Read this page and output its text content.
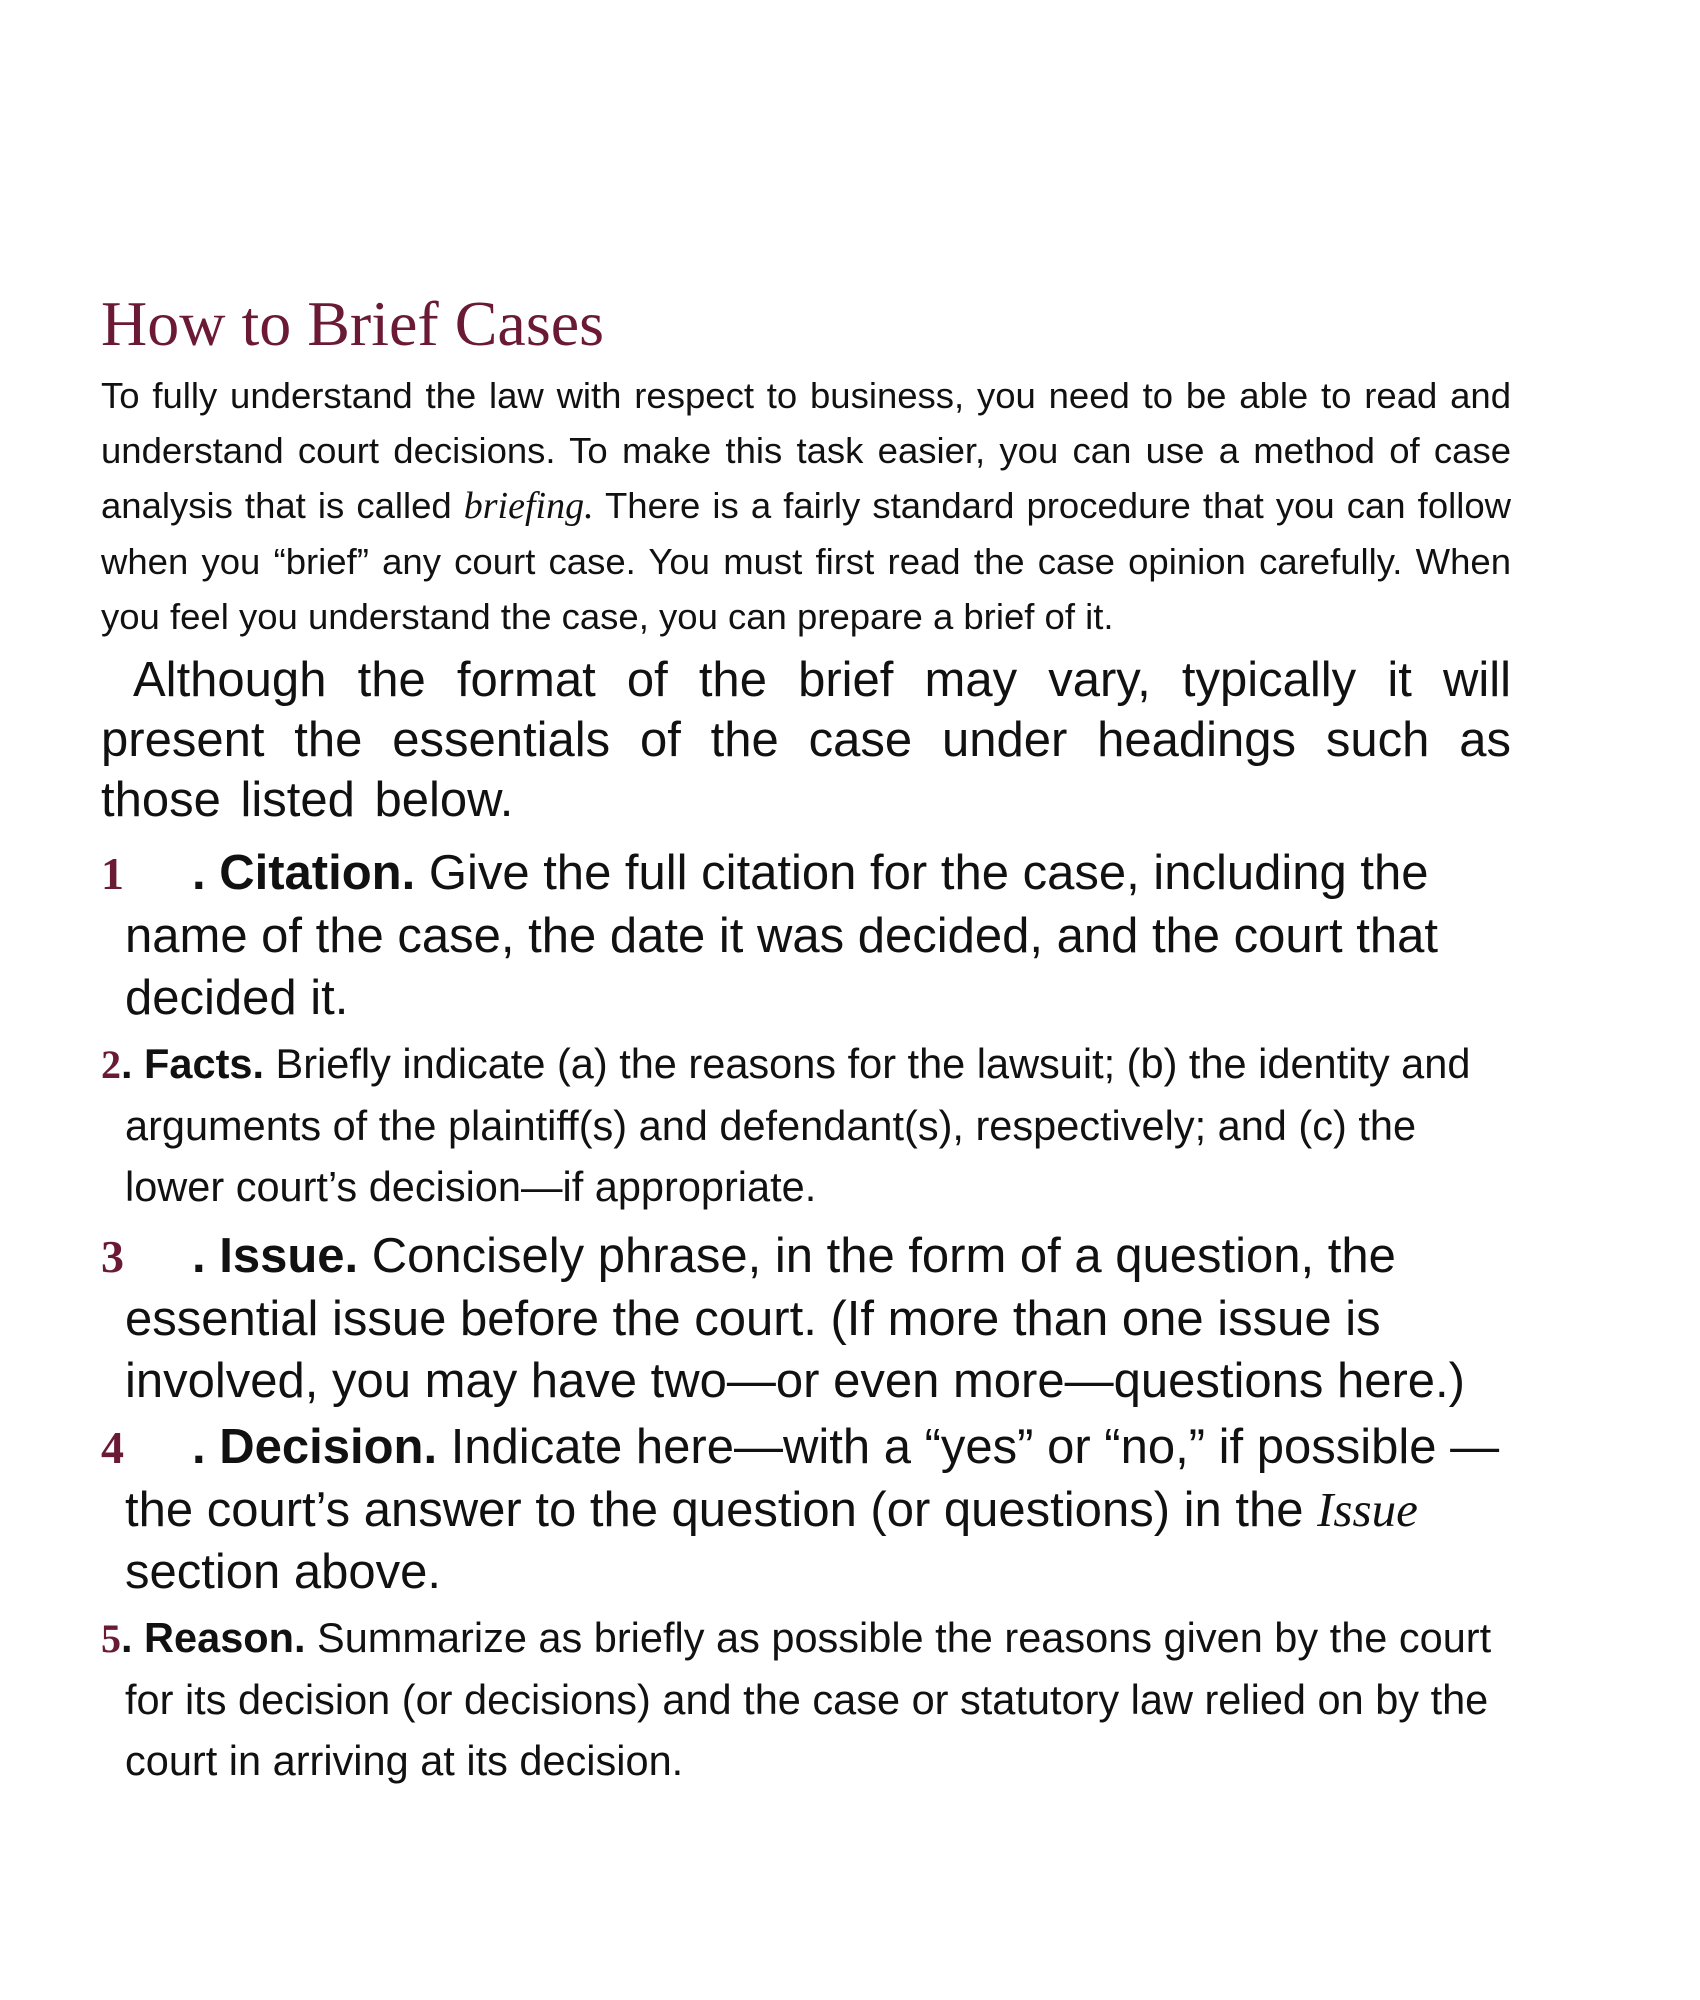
How to Brief Cases

To fully understand the law with respect to business, you need to be able to read and understand court decisions. To make this task easier, you can use a method of case analysis that is called briefing. There is a fairly standard procedure that you can follow when you “brief” any court case. You must first read the case opinion carefully. When you feel you understand the case, you can prepare a brief of it.

Although the format of the brief may vary, typically it will present the essentials of the case under headings such as those listed below.

1 . Citation. Give the full citation for the case, including the name of the case, the date it was decided, and the court that decided it.
2. Facts. Briefly indicate (a) the reasons for the lawsuit; (b) the identity and arguments of the plaintiff(s) and defendant(s), respectively; and (c) the lower court’s decision—if appropriate.
3 . Issue. Concisely phrase, in the form of a question, the essential issue before the court. (If more than one issue is involved, you may have two—or even more—questions here.)
4 . Decision. Indicate here—with a “yes” or “no,” if possible —the court’s answer to the question (or questions) in the Issue section above.
5. Reason. Summarize as briefly as possible the reasons given by the court for its decision (or decisions) and the case or statutory law relied on by the court in arriving at its decision.
